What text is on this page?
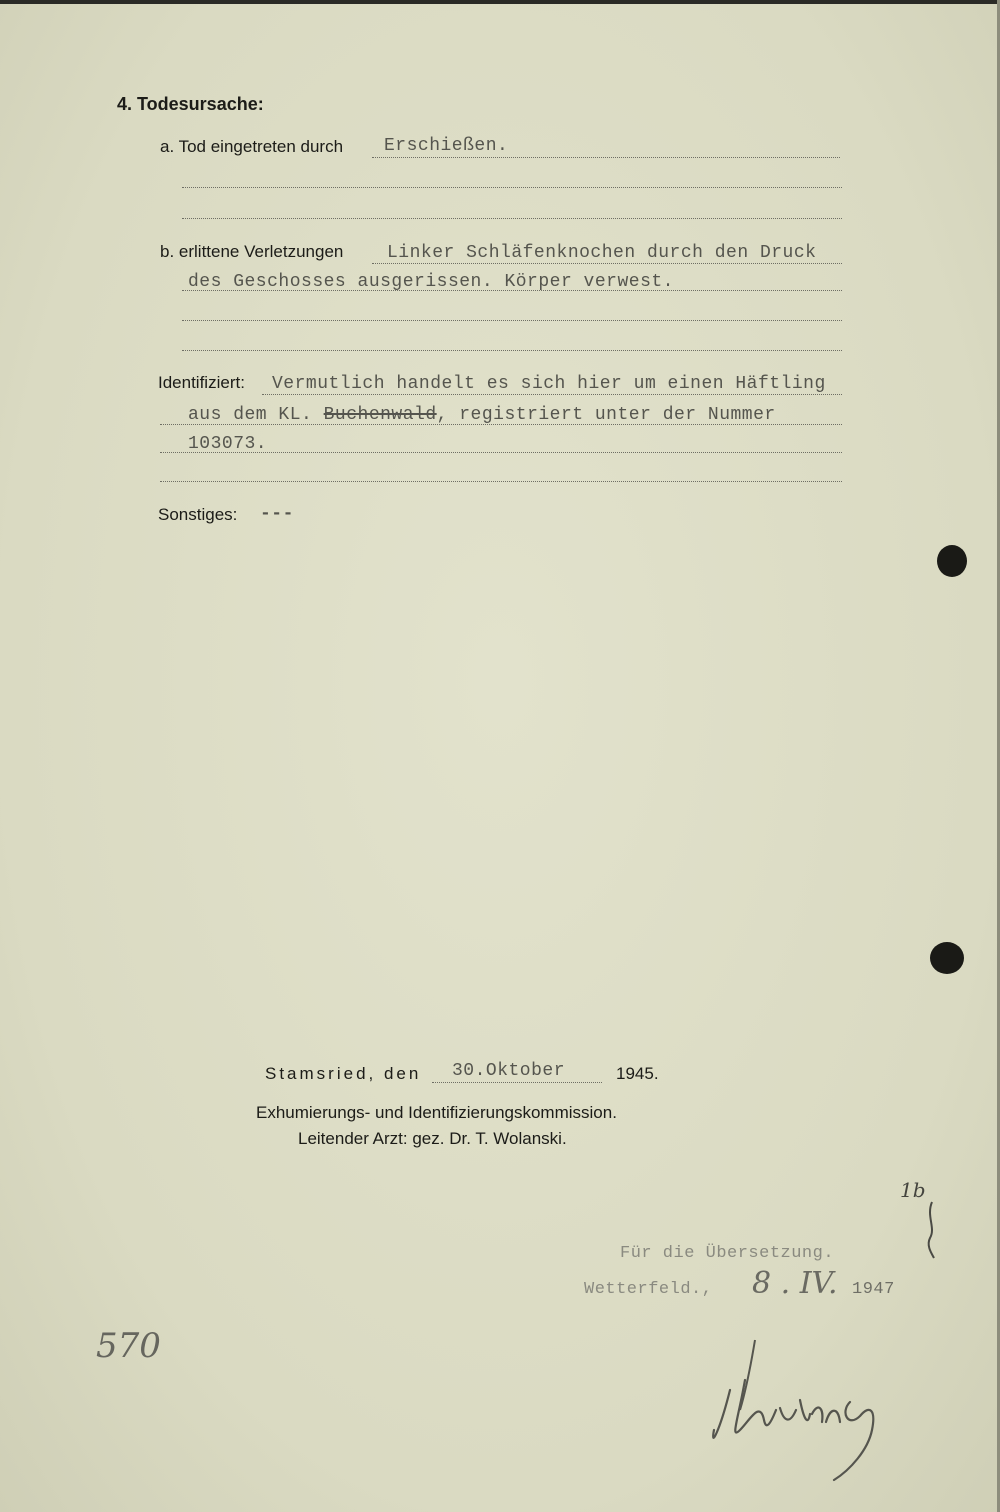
4. Todesursache:
a. Tod eingetreten durch Erschießen.
b. erlittene Verletzungen Linker Schläfenknochen durch den Druck
des Geschosses ausgerissen. Körper verwest.
Identifiziert: Vermutlich handelt es sich hier um einen Häftling
aus dem KL. Buchenwald, registriert unter der Nummer
103073.
Sonstiges: ---
Stamsried, den 30.Oktober	1945.
Exhumierungs- und Identifizierungskommission.
Leitender Arzt: gez. Dr. T. Wolanski.
Für die Übersetzung.
Wetterfeld., 8 . IV. 1947
1b
570
